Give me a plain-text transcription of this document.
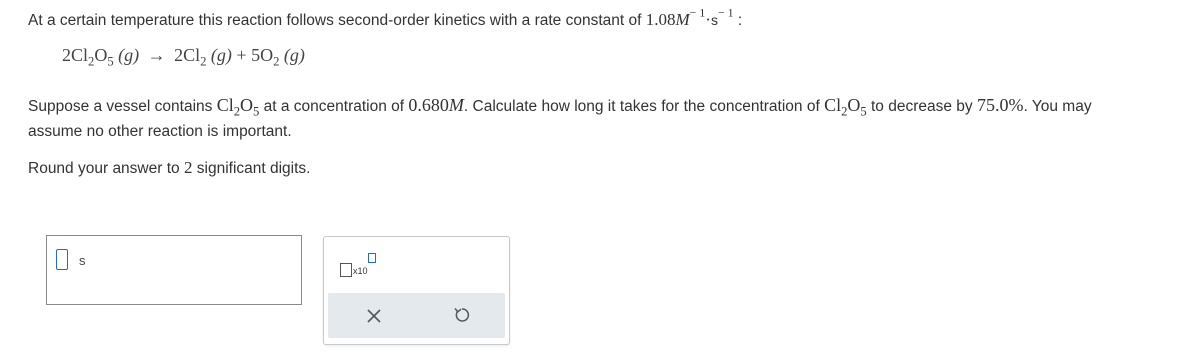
At a certain temperature this reaction follows second-order kinetics with a rate constant of $1.08M^{- 1}\cdot s^{- 1}$ :
$2Cl_2O_5$ $(g) \to 2Cl_2$ $(g) + 5O_2$ (g)
Suppose a vessel contains $Cl_2O_5$ at a concentration of 0.680M. Calculate how long it takes for the concentration of $Cl_2O_5$ to decrease by 75.0%. You may
assume no other reaction is important.
Round your answer to 2 significant digits.
s
x10
